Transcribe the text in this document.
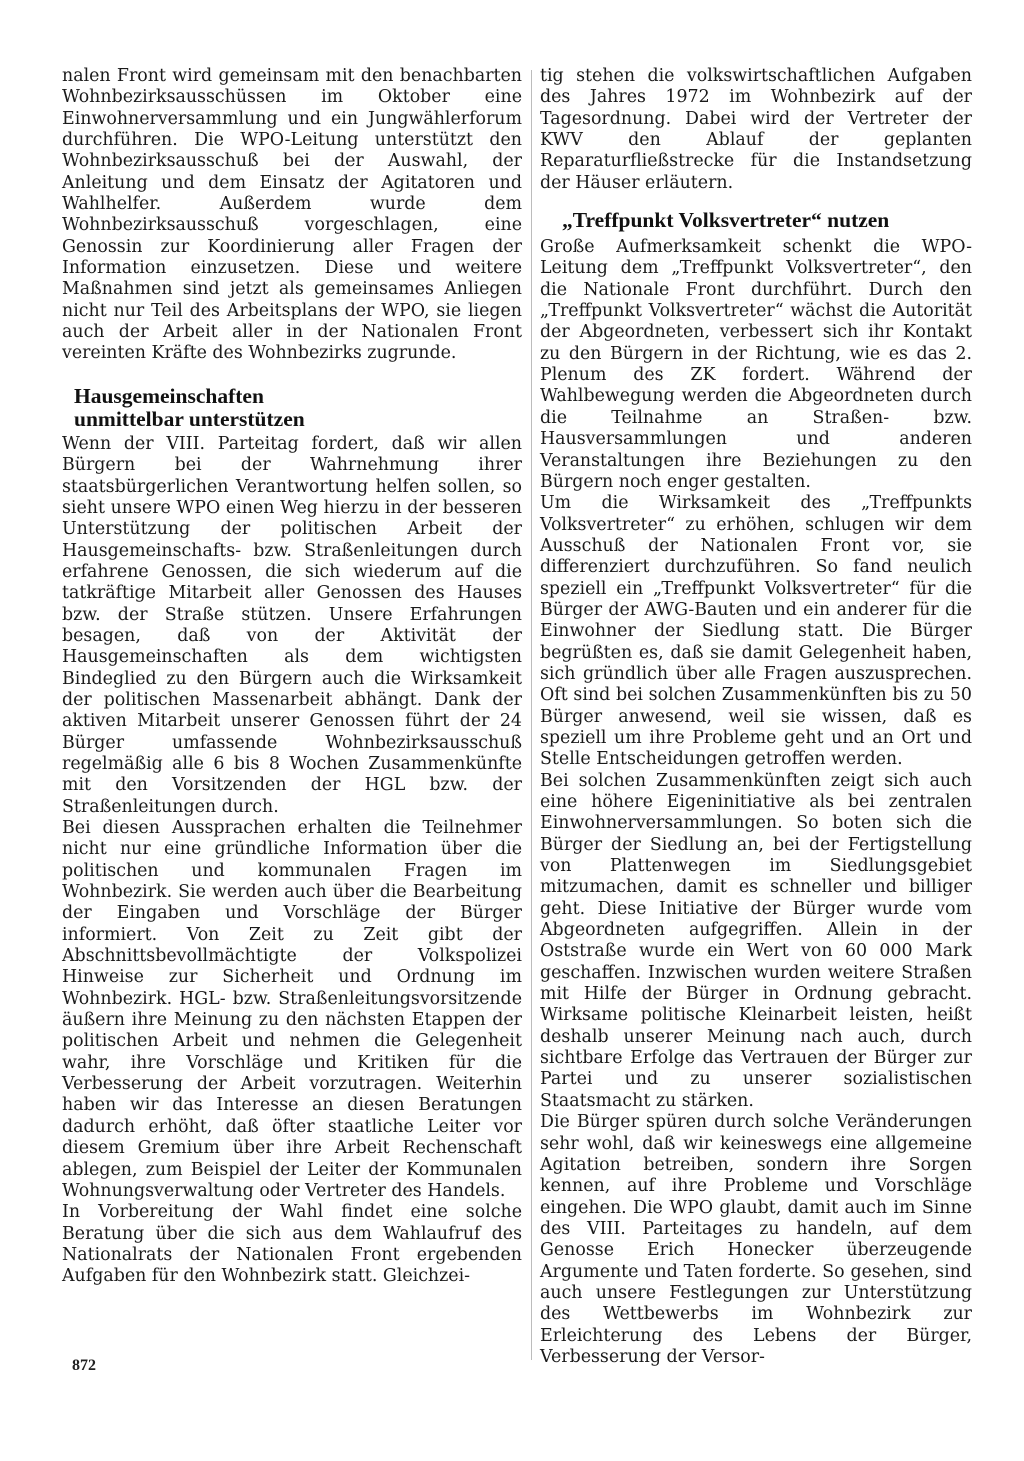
nalen Front wird gemeinsam mit den benachbarten Wohnbezirksausschüssen im Oktober eine Einwohnerversammlung und ein Jungwählerforum durchführen. Die WPO-Leitung unterstützt den Wohnbezirksausschuß bei der Auswahl, der Anleitung und dem Einsatz der Agitatoren und Wahlhelfer. Außerdem wurde dem Wohnbezirksausschuß vorgeschlagen, eine Genossin zur Koordinierung aller Fragen der Information einzusetzen. Diese und weitere Maßnahmen sind jetzt als gemeinsames Anliegen nicht nur Teil des Arbeitsplans der WPO, sie liegen auch der Arbeit aller in der Nationalen Front vereinten Kräfte des Wohnbezirks zugrunde.

Hausgemeinschaften
unmittelbar unterstützen

Wenn der VIII. Parteitag fordert, daß wir allen Bürgern bei der Wahrnehmung ihrer staatsbürgerlichen Verantwortung helfen sollen, so sieht unsere WPO einen Weg hierzu in der besseren Unterstützung der politischen Arbeit der Hausgemeinschafts- bzw. Straßenleitungen durch erfahrene Genossen, die sich wiederum auf die tatkräftige Mitarbeit aller Genossen des Hauses bzw. der Straße stützen. Unsere Erfahrungen besagen, daß von der Aktivität der Hausgemeinschaften als dem wichtigsten Bindeglied zu den Bürgern auch die Wirksamkeit der politischen Massenarbeit abhängt. Dank der aktiven Mitarbeit unserer Genossen führt der 24 Bürger umfassende Wohnbezirksausschuß regelmäßig alle 6 bis 8 Wochen Zusammenkünfte mit den Vorsitzenden der HGL bzw. der Straßenleitungen durch.

Bei diesen Aussprachen erhalten die Teilnehmer nicht nur eine gründliche Information über die politischen und kommunalen Fragen im Wohnbezirk. Sie werden auch über die Bearbeitung der Eingaben und Vorschläge der Bürger informiert. Von Zeit zu Zeit gibt der Abschnittsbevollmächtigte der Volkspolizei Hinweise zur Sicherheit und Ordnung im Wohnbezirk. HGL- bzw. Straßenleitungsvorsitzende äußern ihre Meinung zu den nächsten Etappen der politischen Arbeit und nehmen die Gelegenheit wahr, ihre Vorschläge und Kritiken für die Verbesserung der Arbeit vorzutragen. Weiterhin haben wir das Interesse an diesen Beratungen dadurch erhöht, daß öfter staatliche Leiter vor diesem Gremium über ihre Arbeit Rechenschaft ablegen, zum Beispiel der Leiter der Kommunalen Wohnungsverwaltung oder Vertreter des Handels.

In Vorbereitung der Wahl findet eine solche Beratung über die sich aus dem Wahlaufruf des Nationalrats der Nationalen Front ergebenden Aufgaben für den Wohnbezirk statt. Gleichzei-

tig stehen die volkswirtschaftlichen Aufgaben des Jahres 1972 im Wohnbezirk auf der Tagesordnung. Dabei wird der Vertreter der KWV den Ablauf der geplanten Reparaturfließstrecke für die Instandsetzung der Häuser erläutern.

„Treffpunkt Volksvertreter“ nutzen

Große Aufmerksamkeit schenkt die WPO-Leitung dem „Treffpunkt Volksvertreter“, den die Nationale Front durchführt. Durch den „Treffpunkt Volksvertreter“ wächst die Autorität der Abgeordneten, verbessert sich ihr Kontakt zu den Bürgern in der Richtung, wie es das 2. Plenum des ZK fordert. Während der Wahlbewegung werden die Abgeordneten durch die Teilnahme an Straßen- bzw. Hausversammlungen und anderen Veranstaltungen ihre Beziehungen zu den Bürgern noch enger gestalten.

Um die Wirksamkeit des „Treffpunkts Volksvertreter“ zu erhöhen, schlugen wir dem Ausschuß der Nationalen Front vor, sie differenziert durchzuführen. So fand neulich speziell ein „Treffpunkt Volksvertreter“ für die Bürger der AWG-Bauten und ein anderer für die Einwohner der Siedlung statt. Die Bürger begrüßten es, daß sie damit Gelegenheit haben, sich gründlich über alle Fragen auszusprechen. Oft sind bei solchen Zusammenkünften bis zu 50 Bürger anwesend, weil sie wissen, daß es speziell um ihre Probleme geht und an Ort und Stelle Entscheidungen getroffen werden.

Bei solchen Zusammenkünften zeigt sich auch eine höhere Eigeninitiative als bei zentralen Einwohnerversammlungen. So boten sich die Bürger der Siedlung an, bei der Fertigstellung von Plattenwegen im Siedlungsgebiet mitzumachen, damit es schneller und billiger geht. Diese Initiative der Bürger wurde vom Abgeordneten aufgegriffen. Allein in der Oststraße wurde ein Wert von 60 000 Mark geschaffen. Inzwischen wurden weitere Straßen mit Hilfe der Bürger in Ordnung gebracht. Wirksame politische Kleinarbeit leisten, heißt deshalb unserer Meinung nach auch, durch sichtbare Erfolge das Vertrauen der Bürger zur Partei und zu unserer sozialistischen Staatsmacht zu stärken.

Die Bürger spüren durch solche Veränderungen sehr wohl, daß wir keineswegs eine allgemeine Agitation betreiben, sondern ihre Sorgen kennen, auf ihre Probleme und Vorschläge eingehen. Die WPO glaubt, damit auch im Sinne des VIII. Parteitages zu handeln, auf dem Genosse Erich Honecker überzeugende Argumente und Taten forderte. So gesehen, sind auch unsere Festlegungen zur Unterstützung des Wettbewerbs im Wohnbezirk zur Erleichterung des Lebens der Bürger, Verbesserung der Versor-

872
